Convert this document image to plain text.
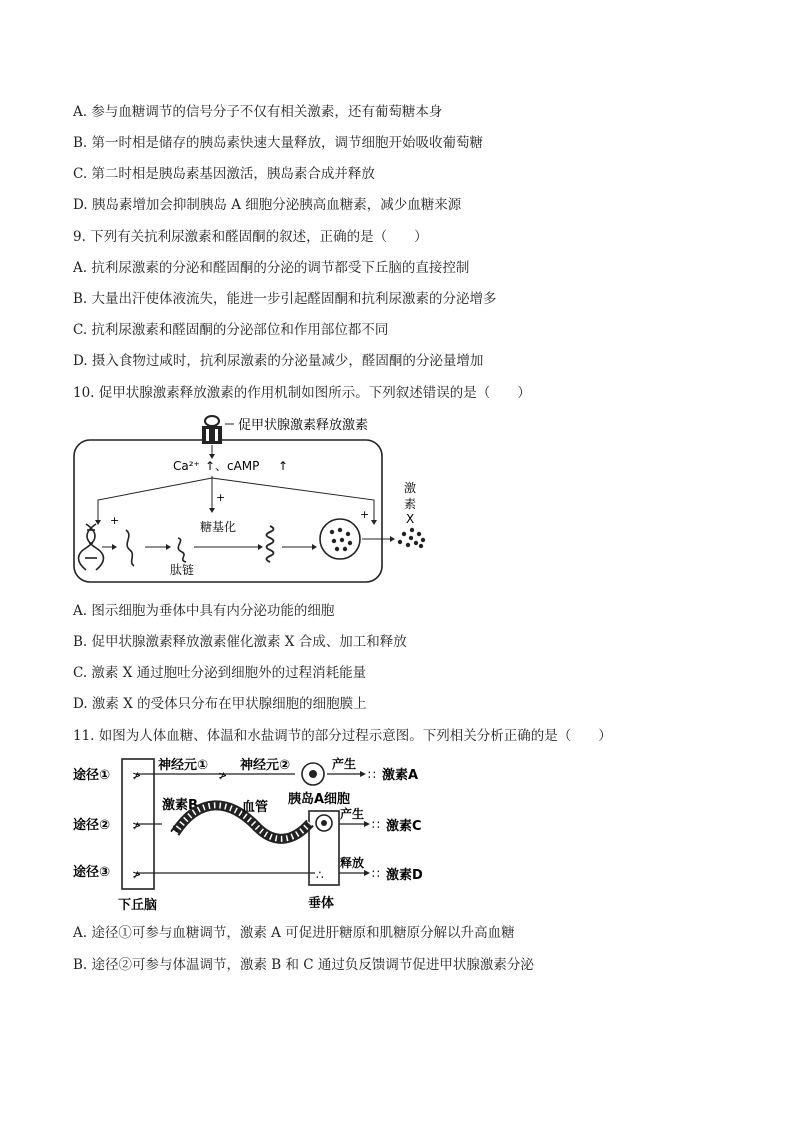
A. 参与血糖调节的信号分子不仅有相关激素，还有葡萄糖本身
B. 第一时相是储存的胰岛素快速大量释放，调节细胞开始吸收葡萄糖
C. 第二时相是胰岛素基因激活，胰岛素合成并释放
D. 胰岛素增加会抑制胰岛 A 细胞分泌胰高血糖素，减少血糖来源
9. 下列有关抗利尿激素和醛固酮的叙述，正确的是（　　）
A. 抗利尿激素的分泌和醛固酮的分泌的调节都受下丘脑的直接控制
B. 大量出汗使体液流失，能进一步引起醛固酮和抗利尿激素的分泌增多
C. 抗利尿激素和醛固酮的分泌部位和作用部位都不同
D. 摄入食物过咸时，抗利尿激素的分泌量减少，醛固酮的分泌量增加
10. 促甲状腺激素释放激素的作用机制如图所示。下列叙述错误的是（　　）
促甲状腺激素释放激素
Ca²⁺ ↑ 、cAMP ↑
+
+	+
肽链
糖基化
激
素
X
A. 图示细胞为垂体中具有内分泌功能的细胞
B. 促甲状腺激素释放激素催化激素 X 合成、加工和释放
C. 激素 X 通过胞吐分泌到细胞外的过程消耗能量
D. 激素 X 的受体只分布在甲状腺细胞的细胞膜上
11. 如图为人体血糖、体温和水盐调节的部分过程示意图。下列相关分析正确的是（　　）
途径①
途径②
途径③
下丘脑	垂体
≯	≯
神经元① 神经元②
胰岛A细胞
产生
∷ 激素A
≯
激素B	血管
∴
产生
∷ 激素C
≯	∴
释放
∷ 激素D
A. 途径①可参与血糖调节，激素 A 可促进肝糖原和肌糖原分解以升高血糖
B. 途径②可参与体温调节，激素 B 和 C 通过负反馈调节促进甲状腺激素分泌
